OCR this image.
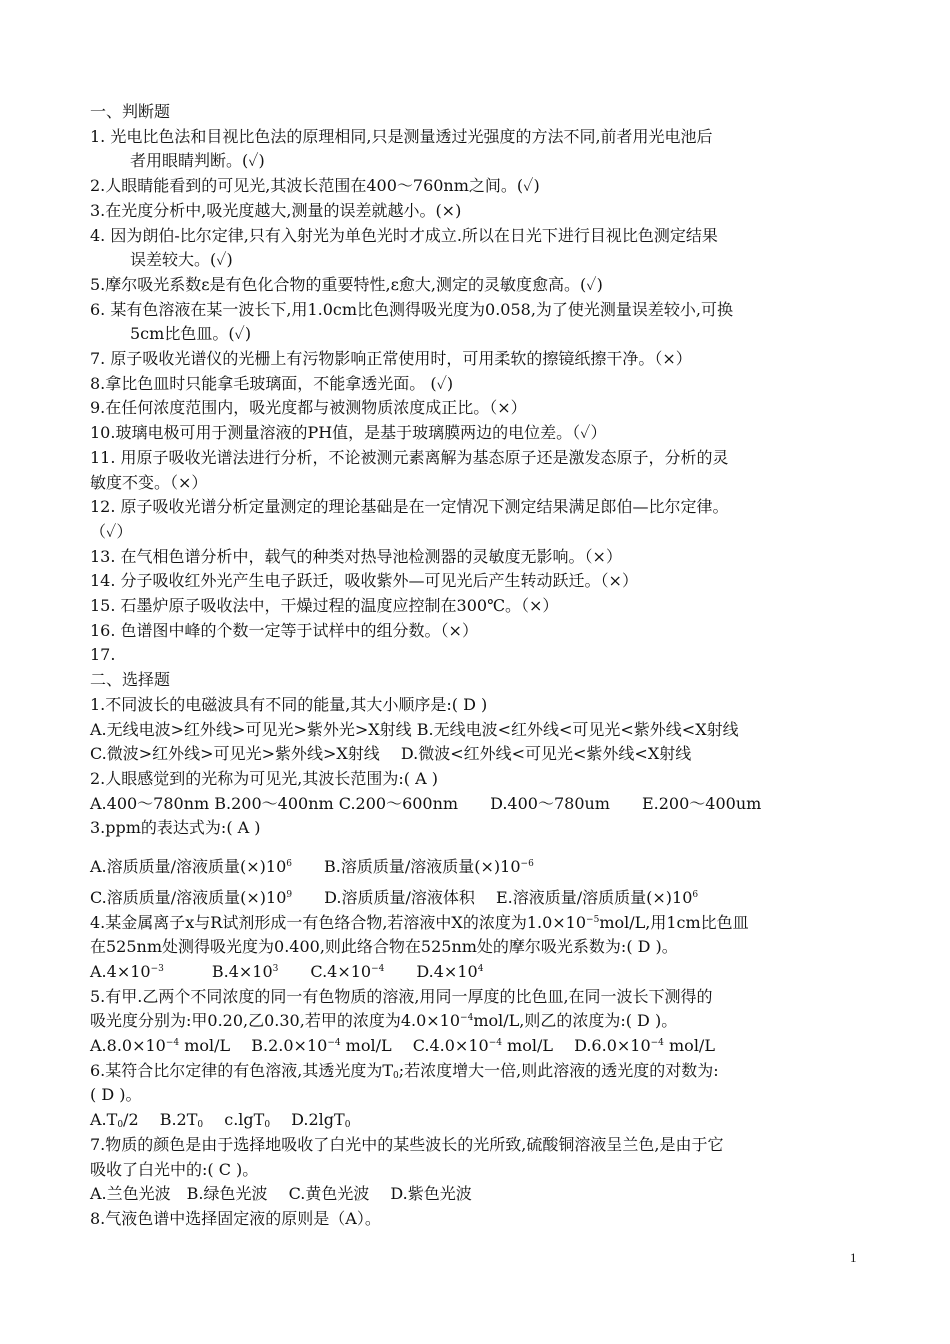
一、判断题
1. 光电比色法和目视比色法的原理相同,只是测量透过光强度的方法不同,前者用光电池后
者用眼睛判断。(✓)
2.人眼睛能看到的可见光,其波长范围在400～760nm之间。(✓)
3.在光度分析中,吸光度越大,测量的误差就越小。(×)
4. 因为朗伯-比尔定律,只有入射光为单色光时才成立.所以在日光下进行目视比色测定结果
误差较大。(✓)
5.摩尔吸光系数ε是有色化合物的重要特性,ε愈大,测定的灵敏度愈高。(✓)
6. 某有色溶液在某一波长下,用1.0cm比色测得吸光度为0.058,为了使光测量误差较小,可换
5cm比色皿。(✓)
7. 原子吸收光谱仪的光栅上有污物影响正常使用时，可用柔软的擦镜纸擦干净。（×）
8.拿比色皿时只能拿毛玻璃面，不能拿透光面。 (✓)
9.在任何浓度范围内，吸光度都与被测物质浓度成正比。（×）
10.玻璃电极可用于测量溶液的PH值，是基于玻璃膜两边的电位差。（✓）
11. 用原子吸收光谱法进行分析，不论被测元素离解为基态原子还是激发态原子，分析的灵
敏度不变。（×）
12. 原子吸收光谱分析定量测定的理论基础是在一定情况下测定结果满足郎伯—比尔定律。
（✓）
13. 在气相色谱分析中，载气的种类对热导池检测器的灵敏度无影响。（×）
14. 分子吸收红外光产生电子跃迁，吸收紫外—可见光后产生转动跃迁。（×）
15. 石墨炉原子吸收法中，干燥过程的温度应控制在300℃。（×）
16. 色谱图中峰的个数一定等于试样中的组分数。（×）
17.
二、选择题
1.不同波长的电磁波具有不同的能量,其大小顺序是:( D )
A.无线电波>红外线>可见光>紫外光>X射线 B.无线电波<红外线<可见光<紫外线<X射线
C.微波>红外线>可见光>紫外线>X射线　 D.微波<红外线<可见光<紫外线<X射线
2.人眼感觉到的光称为可见光,其波长范围为:( A )
A.400～780nm B.200～400nm C.200～600nm　　D.400～780um　　E.200～400um
3.ppm的表达式为:( A )
A.溶质质量/溶液质量$(\times)10^6$　　B.溶质质量/溶液质量$(\times)10^{-6}$
C.溶质质量/溶液质量$(\times)10^9$　　D.溶质质量/溶液体积　 E.溶液质量/溶质质量$(\times)10^6$
4.某金属离子x与R试剂形成一有色络合物,若溶液中X的浓度为$1.0\times 10^{-5}mol/L$,用1cm比色皿
在525nm处测得吸光度为0.400,则此络合物在525nm处的摩尔吸光系数为:( D )。
$A.4\times 10^{-3}$　　　$B.4\times 10^3$　　$C.4\times 10^{-4}$　　$D.4\times 10^4$
5.有甲.乙两个不同浓度的同一有色物质的溶液,用同一厚度的比色皿,在同一波长下测得的
吸光度分别为:甲0.20,乙0.30,若甲的浓度为$4.0\times 10^{-4}mol/L$,则乙的浓度为:( D )。
$A.8.0\times 10^{-4}$ mol/L　 $B.2.0\times 10^{-4}$ mol/L　 $C.4.0\times 10^{-4}$ mol/L　 $D.6.0\times 10^{-4}$ mol/L
6.某符合比尔定律的有色溶液,其透光度为$T_0$;若浓度增大一倍,则此溶液的透光度的对数为:
( D )。
$A.T_0/2$　 $B.2T_0$　 c.lgT$_0$　 D.2lgT$_0$
7.物质的颜色是由于选择地吸收了白光中的某些波长的光所致,硫酸铜溶液呈兰色,是由于它
吸收了白光中的:( C )。
A.兰色光波　B.绿色光波　 C.黄色光波　 D.紫色光波
8.气液色谱中选择固定液的原则是（A）。
1
